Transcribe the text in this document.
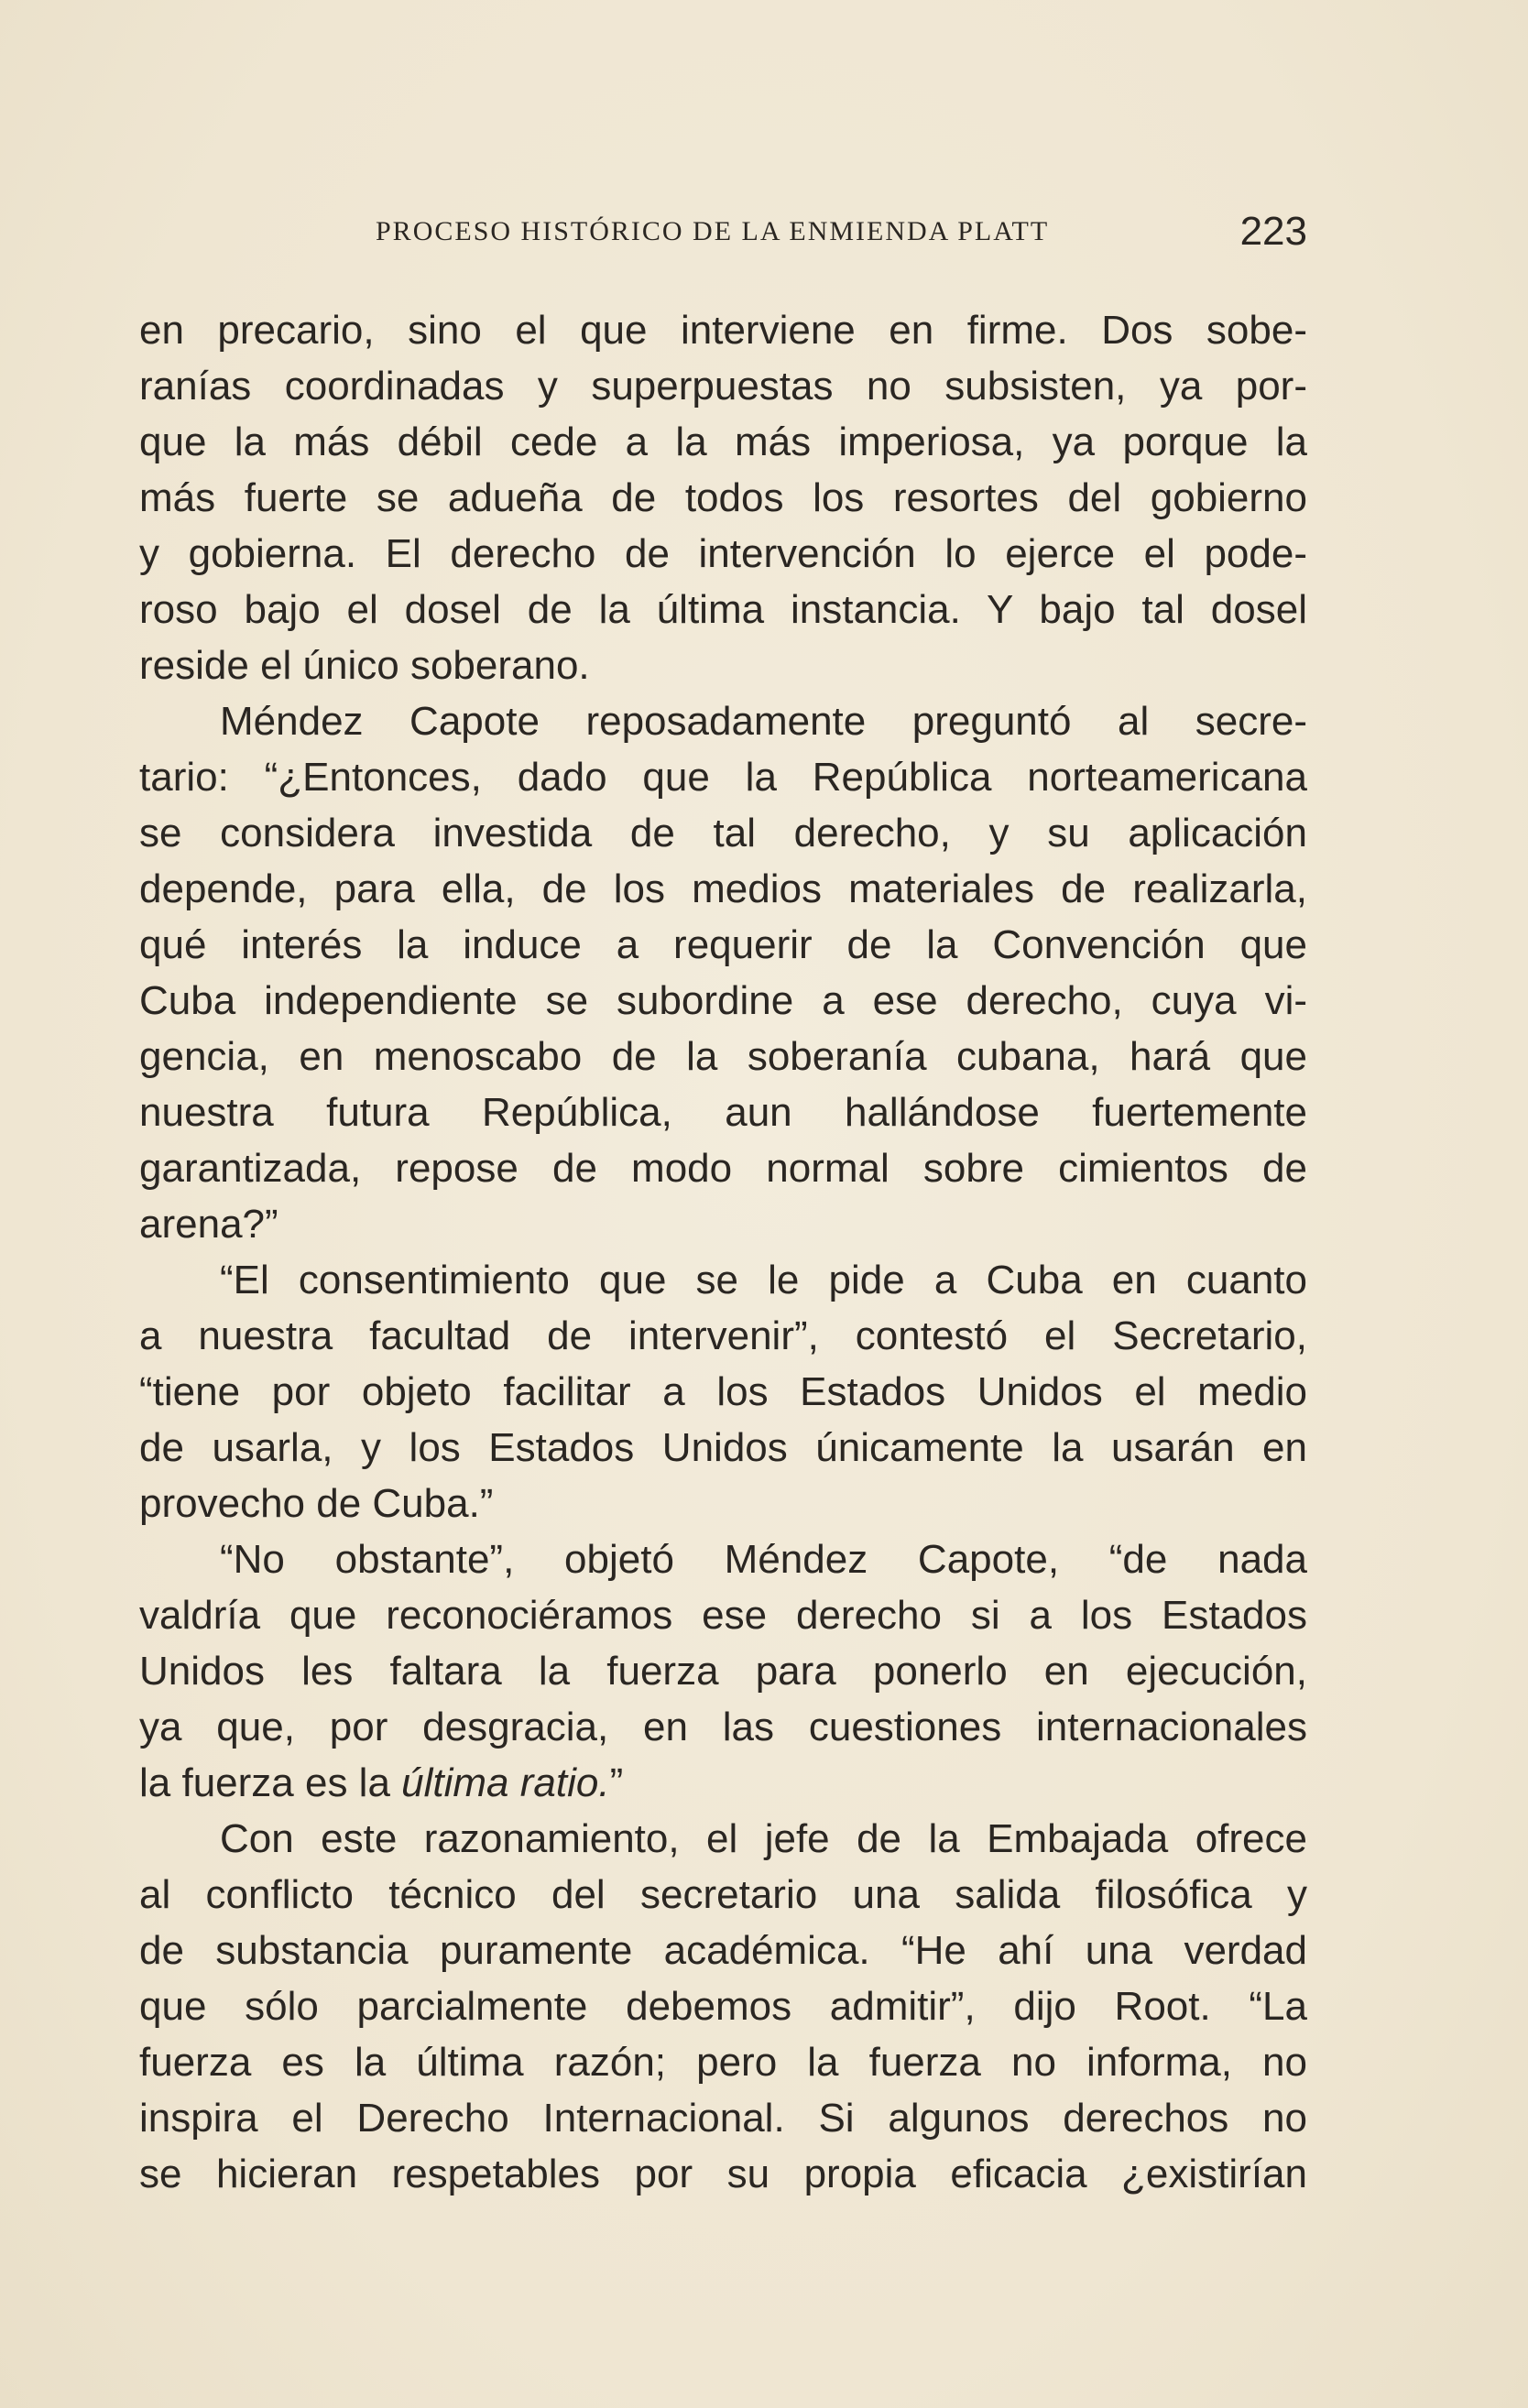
PROCESO HISTÓRICO DE LA ENMIENDA PLATT	223

en precario, sino el que interviene en firme. Dos sobe-
ranías coordinadas y superpuestas no subsisten, ya por-
que la más débil cede a la más imperiosa, ya porque la
más fuerte se adueña de todos los resortes del gobierno
y gobierna. El derecho de intervención lo ejerce el pode-
roso bajo el dosel de la última instancia. Y bajo tal dosel
reside el único soberano.

Méndez Capote reposadamente preguntó al secre-
tario: “¿Entonces, dado que la República norteamericana
se considera investida de tal derecho, y su aplicación
depende, para ella, de los medios materiales de realizarla,
qué interés la induce a requerir de la Convención que
Cuba independiente se subordine a ese derecho, cuya vi-
gencia, en menoscabo de la soberanía cubana, hará que
nuestra futura República, aun hallándose fuertemente
garantizada, repose de modo normal sobre cimientos de
arena?”

“El consentimiento que se le pide a Cuba en cuanto
a nuestra facultad de intervenir”, contestó el Secretario,
“tiene por objeto facilitar a los Estados Unidos el medio
de usarla, y los Estados Unidos únicamente la usarán en
provecho de Cuba.”

“No obstante”, objetó Méndez Capote, “de nada
valdría que reconociéramos ese derecho si a los Estados
Unidos les faltara la fuerza para ponerlo en ejecución,
ya que, por desgracia, en las cuestiones internacionales
la fuerza es la última ratio.”

Con este razonamiento, el jefe de la Embajada ofrece
al conflicto técnico del secretario una salida filosófica y
de substancia puramente académica. “He ahí una verdad
que sólo parcialmente debemos admitir”, dijo Root. “La
fuerza es la última razón; pero la fuerza no informa, no
inspira el Derecho Internacional. Si algunos derechos no
se hicieran respetables por su propia eficacia ¿existirían
